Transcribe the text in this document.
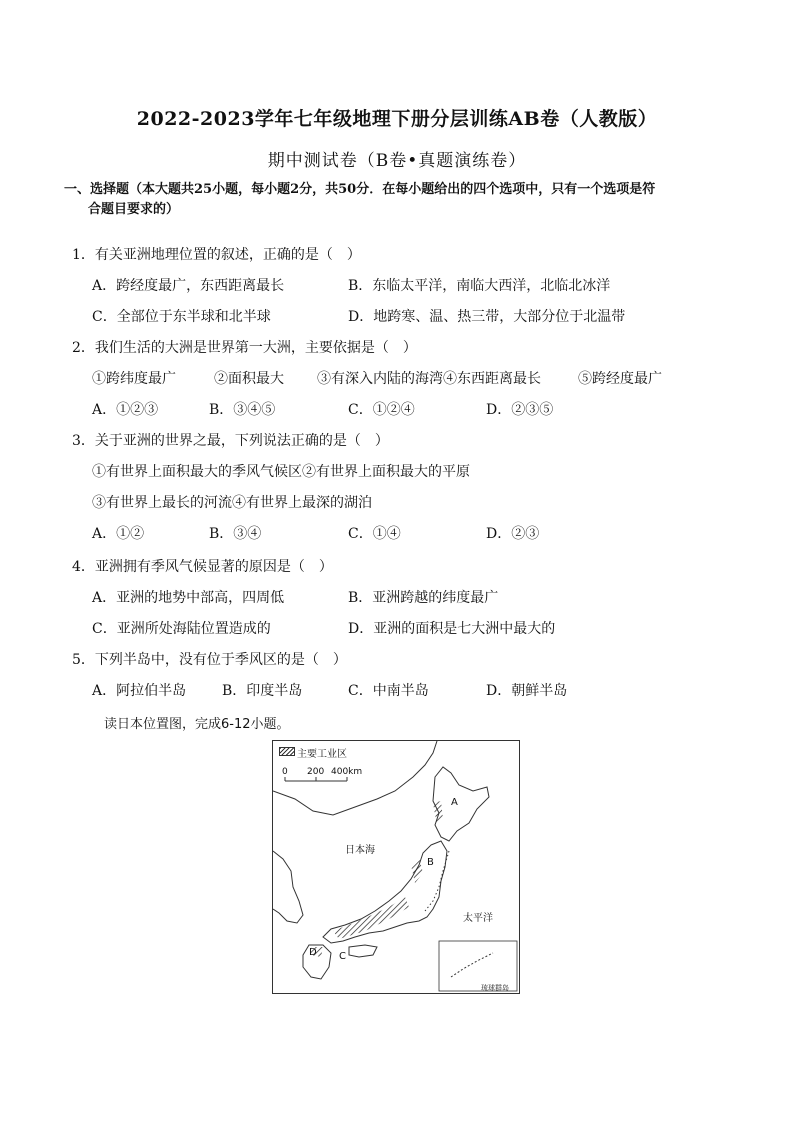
2022-2023学年七年级地理下册分层训练AB卷（人教版）
期中测试卷（B卷•真题演练卷）
一、选择题（本大题共25小题，每小题2分，共50分．在每小题给出的四个选项中，只有一个选项是符
合题目要求的）
1．有关亚洲地理位置的叙述，正确的是（　）
A．跨经度最广，东西距离最长	B．东临太平洋，南临大西洋，北临北冰洋
C．全部位于东半球和北半球	D．地跨寒、温、热三带，大部分位于北温带
2．我们生活的大洲是世界第一大洲，主要依据是（　）
①跨纬度最广	②面积最大 ③有深入内陆的海湾④东西距离最长	⑤跨经度最广
A．①②③	B．③④⑤	C．①②④	D．②③⑤
3．关于亚洲的世界之最，下列说法正确的是（　）
①有世界上面积最大的季风气候区②有世界上面积最大的平原
③有世界上最长的河流④有世界上最深的湖泊
A．①②	B．③④	C．①④	D．②③
4．亚洲拥有季风气候显著的原因是（　）
A．亚洲的地势中部高，四周低	B．亚洲跨越的纬度最广
C．亚洲所处海陆位置造成的	D．亚洲的面积是七大洲中最大的
5．下列半岛中，没有位于季风区的是（　）
A．阿拉伯半岛	B．印度半岛	C．中南半岛	D．朝鲜半岛
读日本位置图，完成6-12小题。
主要工业区
0 200 400km
日本海
太平洋
A
B
C
D
琉球群岛
